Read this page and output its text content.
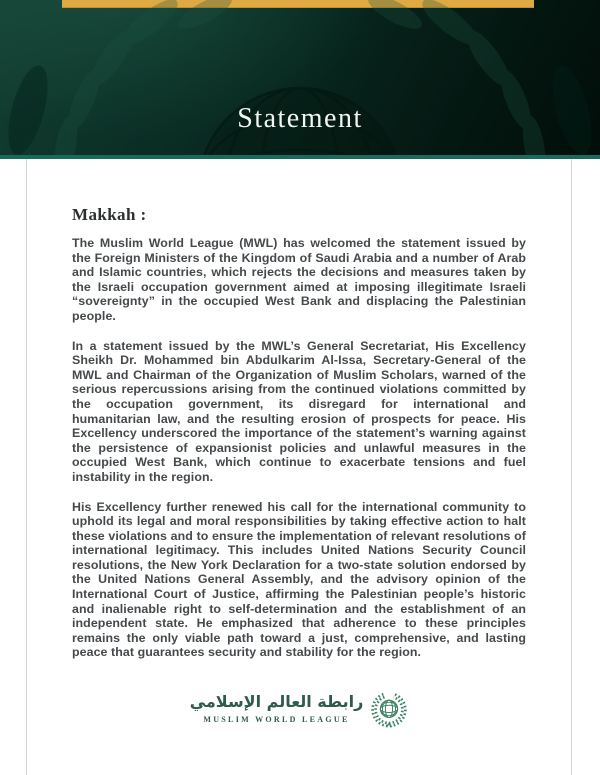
Statement
Makkah :

The Muslim World League (MWL) has welcomed the statement issued by the Foreign Ministers of the Kingdom of Saudi Arabia and a number of Arab and Islamic countries, which rejects the decisions and measures taken by the Israeli occupation government aimed at imposing illegitimate Israeli “sovereignty” in the occupied West Bank and displacing the Palestinian people.

In a statement issued by the MWL’s General Secretariat, His Excellency Sheikh Dr. Mohammed bin Abdulkarim Al-Issa, Secretary-General of the MWL and Chairman of the Organization of Muslim Scholars, warned of the serious repercussions arising from the continued violations committed by the occupation government, its disregard for international and humanitarian law, and the resulting erosion of prospects for peace. His Excellency underscored the importance of the statement’s warning against the persistence of expansionist policies and unlawful measures in the occupied West Bank, which continue to exacerbate tensions and fuel instability in the region.

His Excellency further renewed his call for the international community to uphold its legal and moral responsibilities by taking effective action to halt these violations and to ensure the implementation of relevant resolutions of international legitimacy. This includes United Nations Security Council resolutions, the New York Declaration for a two-state solution endorsed by the United Nations General Assembly, and the advisory opinion of the International Court of Justice, affirming the Palestinian people’s historic and inalienable right to self-determination and the establishment of an independent state. He emphasized that adherence to these principles remains the only viable path toward a just, comprehensive, and lasting peace that guarantees security and stability for the region.

رابطة العالم الإسلامي
MUSLIM WORLD LEAGUE
